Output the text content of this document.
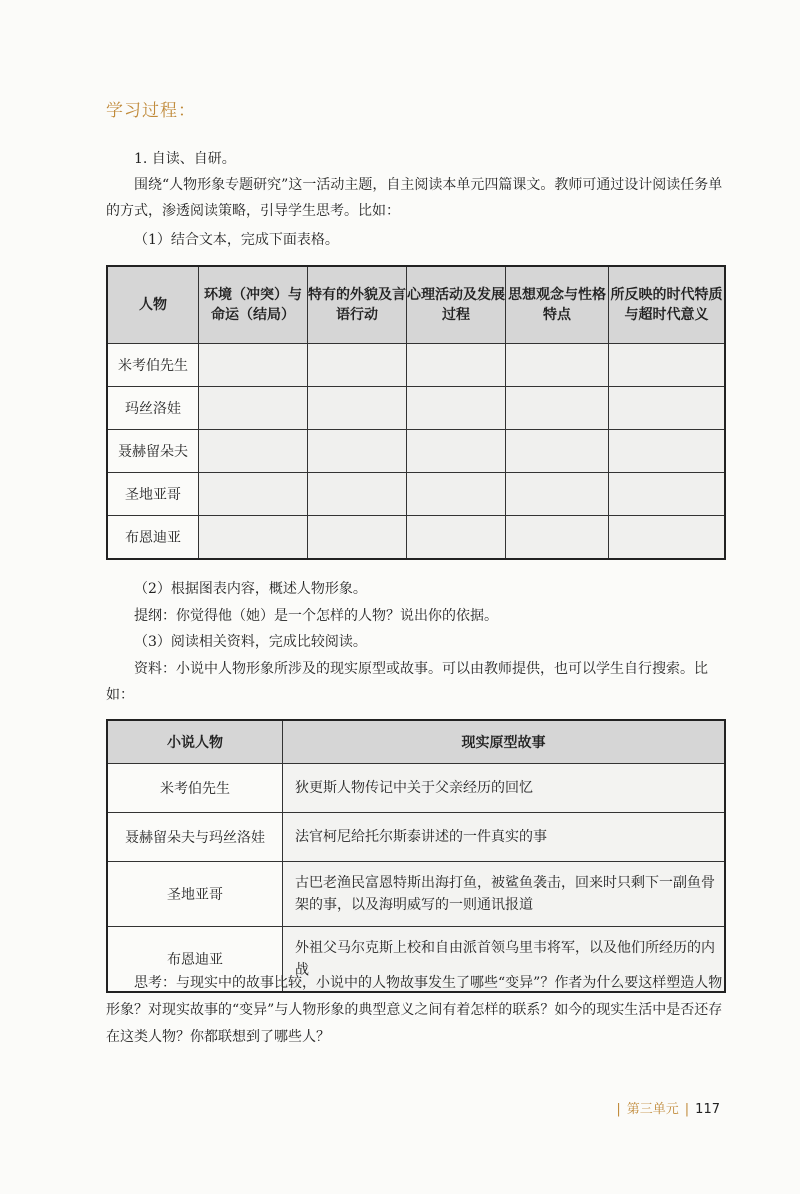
学习过程：

1. 自读、自研。

围绕“人物形象专题研究”这一活动主题，自主阅读本单元四篇课文。教师可通过设计阅读任务单的方式，渗透阅读策略，引导学生思考。比如：

（1）结合文本，完成下面表格。

人物	环境（冲突）与命运（结局）	特有的外貌及言语行动	心理活动及发展过程	思想观念与性格特点	所反映的时代特质与超时代意义
米考伯先生					
玛丝洛娃					
聂赫留朵夫					
圣地亚哥					
布恩迪亚					

（2）根据图表内容，概述人物形象。

提纲：你觉得他（她）是一个怎样的人物？说出你的依据。

（3）阅读相关资料，完成比较阅读。

资料：小说中人物形象所涉及的现实原型或故事。可以由教师提供，也可以学生自行搜索。比如：

小说人物	现实原型故事
米考伯先生	狄更斯人物传记中关于父亲经历的回忆
聂赫留朵夫与玛丝洛娃	法官柯尼给托尔斯泰讲述的一件真实的事
圣地亚哥	古巴老渔民富恩特斯出海打鱼，被鲨鱼袭击，回来时只剩下一副鱼骨架的事，以及海明威写的一则通讯报道
布恩迪亚	外祖父马尔克斯上校和自由派首领乌里韦将军，以及他们所经历的内战

思考：与现实中的故事比较，小说中的人物故事发生了哪些“变异”？作者为什么要这样塑造人物形象？对现实故事的“变异”与人物形象的典型意义之间有着怎样的联系？如今的现实生活中是否还存在这类人物？你都联想到了哪些人？

| 第三单元 | 117
